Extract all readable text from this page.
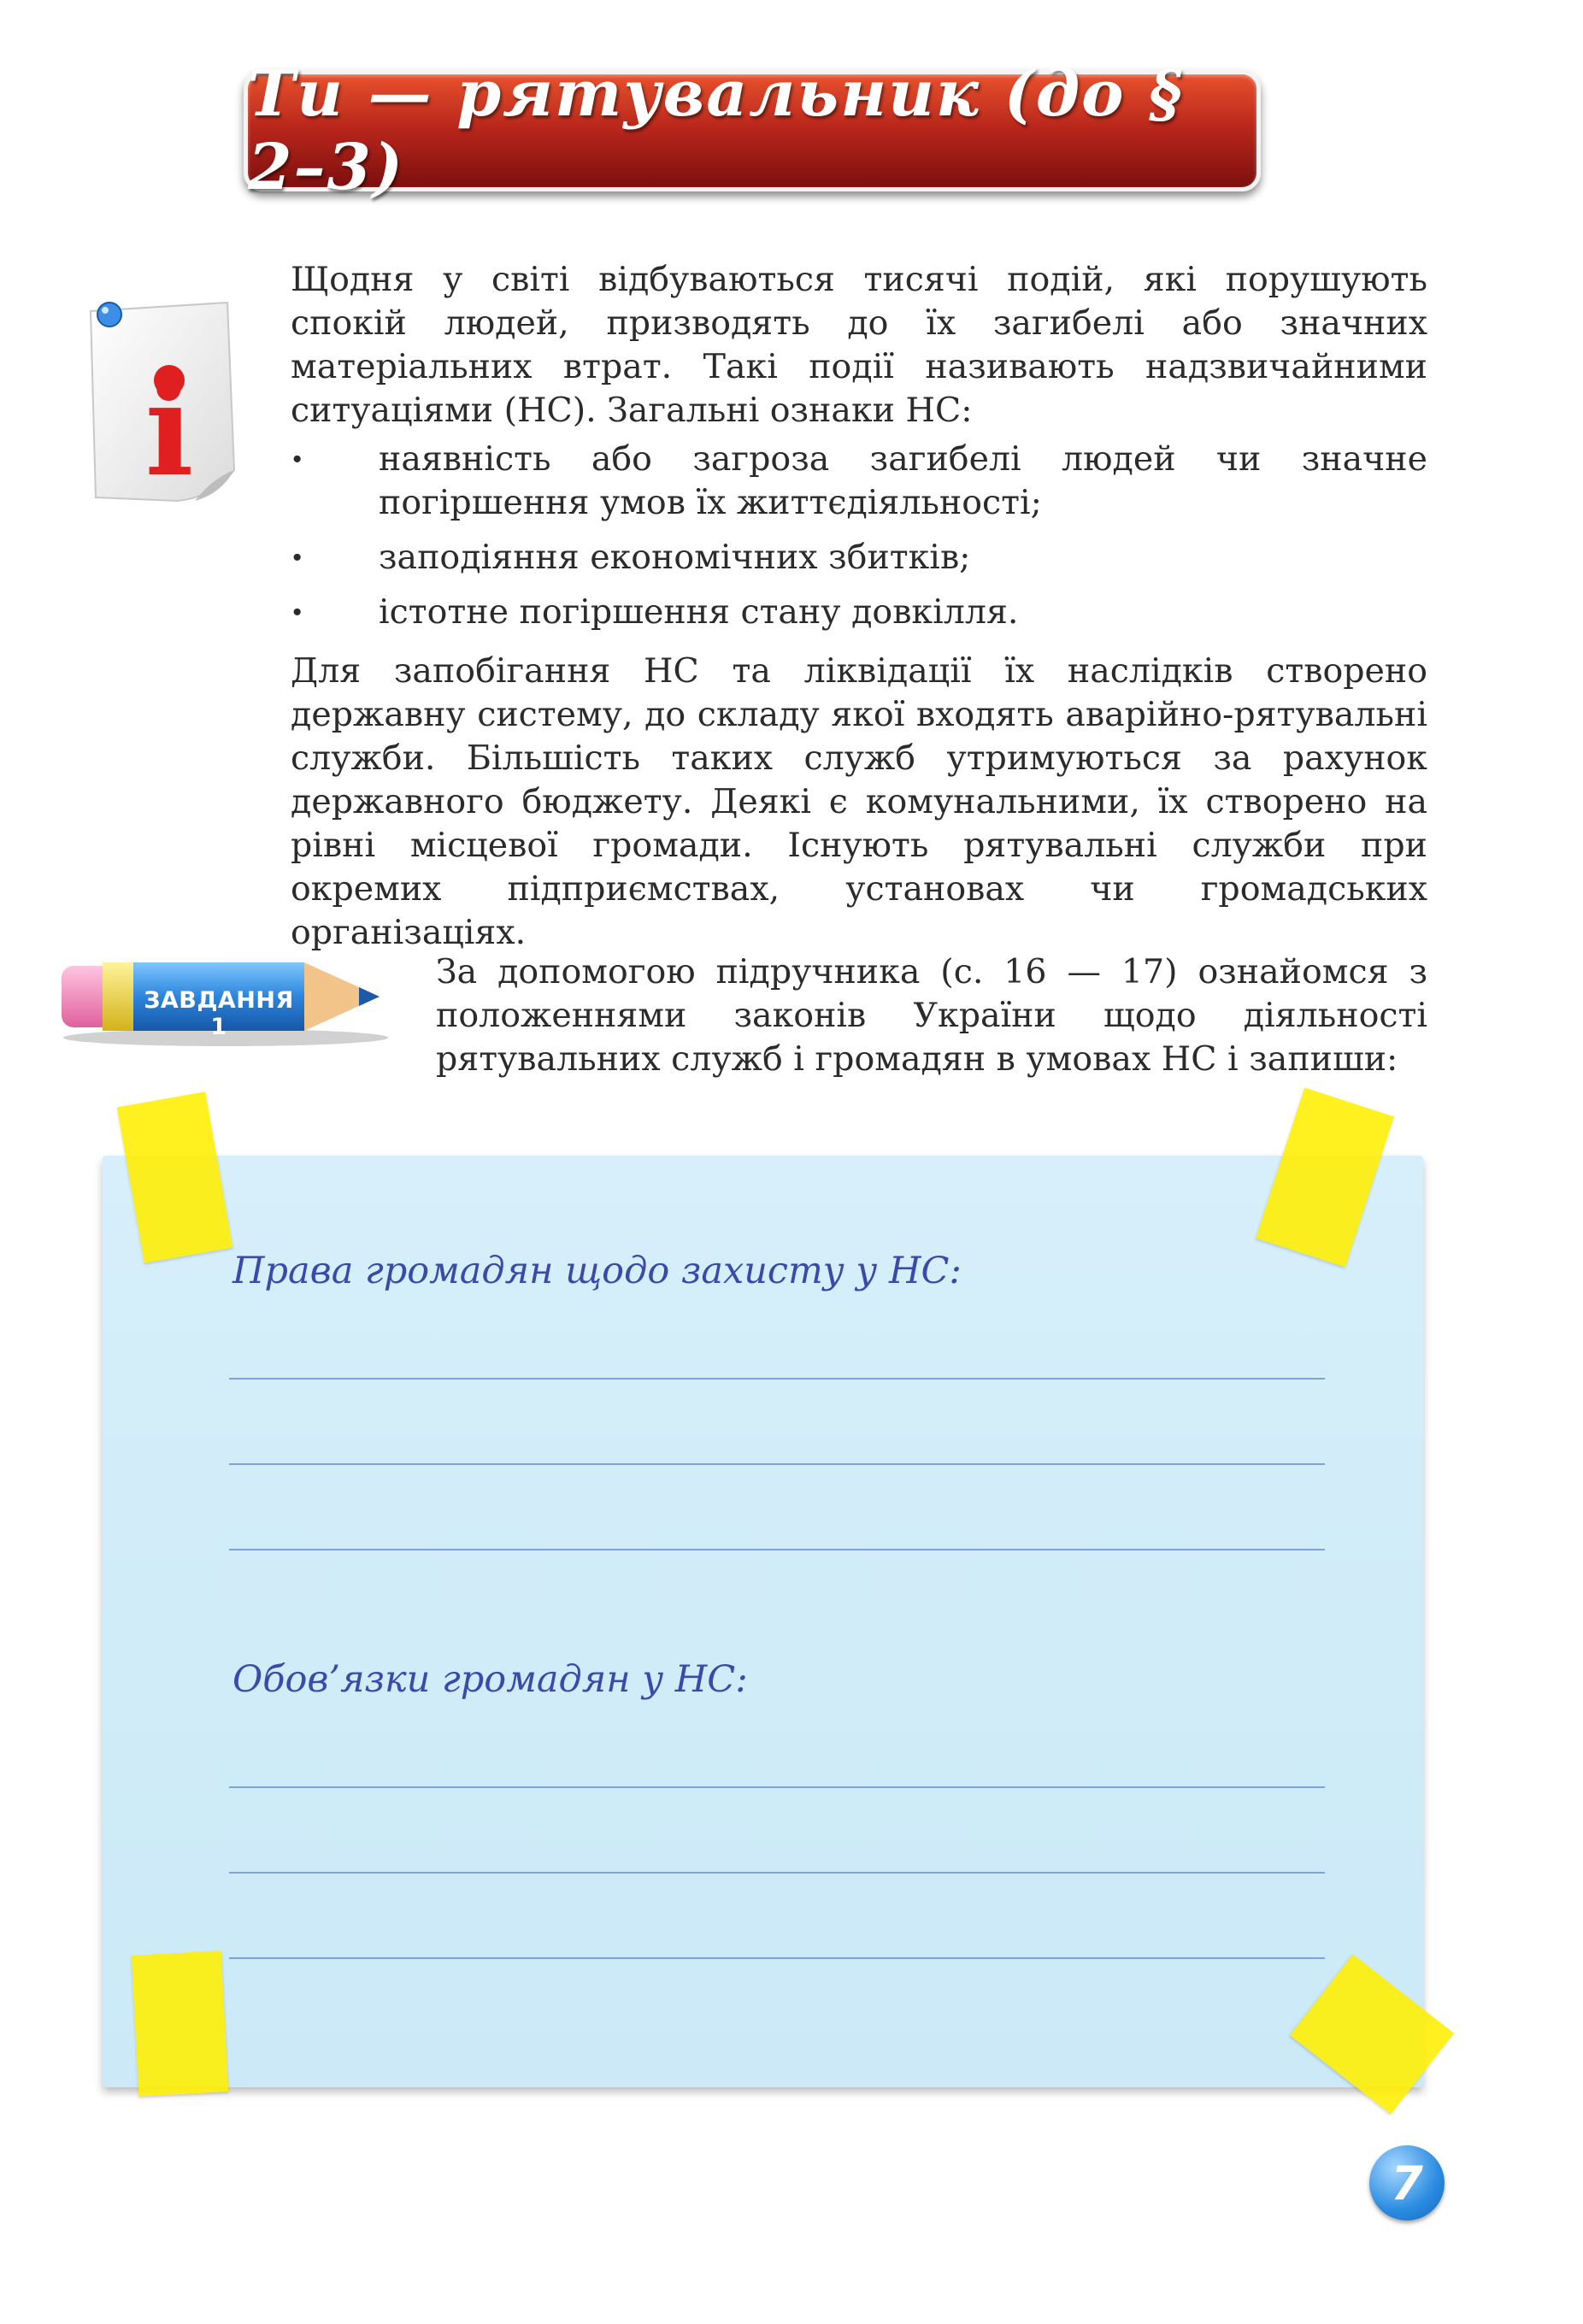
Ти — рятувальник (до § 2–3)
i
Щодня у світі відбуваються тисячі подій, які порушують спокій людей, призводять до їх загибелі або значних матеріальних втрат. Такі події називають надзвичайними ситуаціями (НС). Загальні ознаки НС:
· наявність або загроза загибелі людей чи значне погіршення умов їх життєдіяльності;
· заподіяння економічних збитків;
· істотне погіршення стану довкілля.
Для запобігання НС та ліквідації їх наслідків створено державну систему, до складу якої входять аварійно-рятувальні служби. Більшість таких служб утримуються за рахунок державного бюджету. Деякі є комунальними, їх створено на рівні місцевої громади. Існують рятувальні служби при окремих підприємствах, установах чи громадських організаціях.
ЗАВДАННЯ 1
За допомогою підручника (с. 16 — 17) ознайомся з положеннями законів України щодо діяльності рятувальних служб і громадян в умовах НС і запиши:
Права громадян щодо захисту у НС:
Обов’язки громадян у НС:
7
